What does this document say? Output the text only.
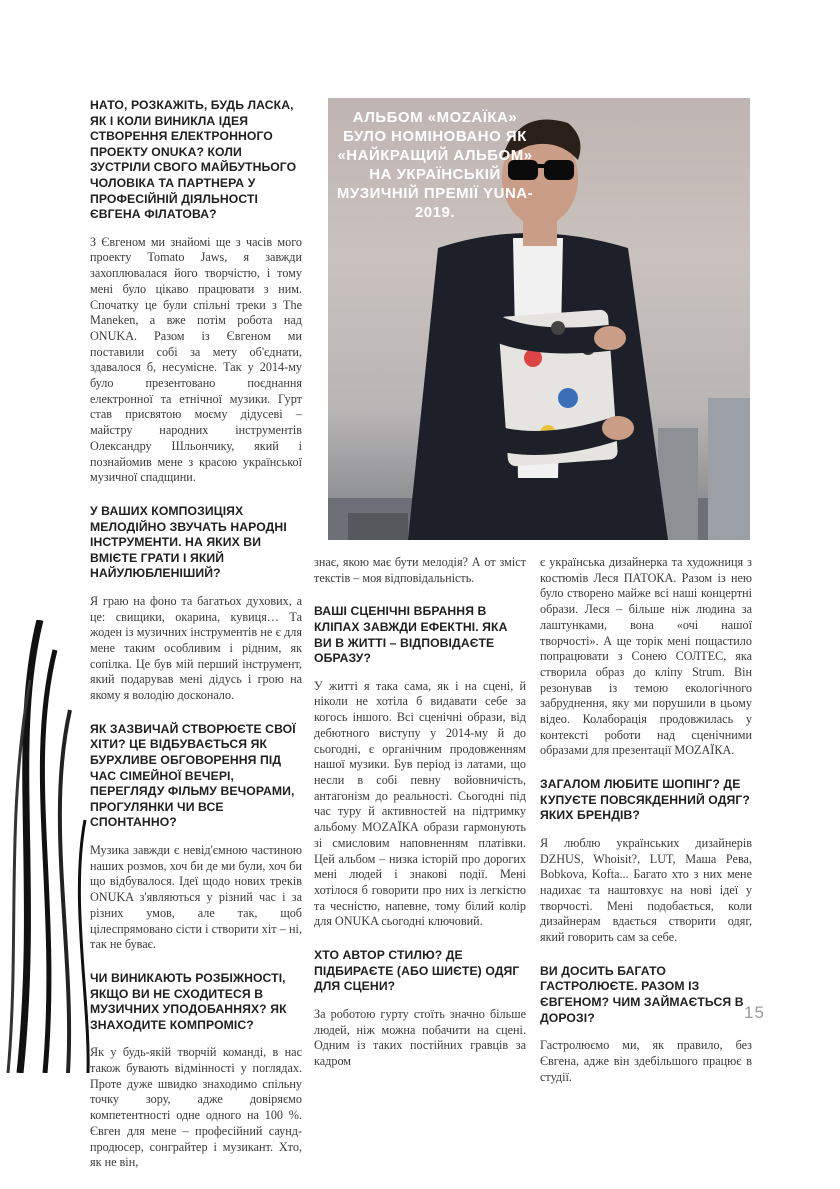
АЛЬБОМ «MOZAЇКА» БУЛО НОМІНОВАНО ЯК «НАЙКРАЩИЙ АЛЬБОМ» НА УКРАЇНСЬКІЙ МУЗИЧНІЙ ПРЕМІЇ YUNA-2019.

НАТО, РОЗКАЖІТЬ, БУДЬ ЛАСКА, ЯК І КОЛИ ВИНИКЛА ІДЕЯ СТВОРЕННЯ ЕЛЕКТРОННОГО ПРОЕКТУ ONUKA? КОЛИ ЗУСТРІЛИ СВОГО МАЙБУТНЬОГО ЧОЛОВІКА ТА ПАРТНЕРА У ПРОФЕСІЙНІЙ ДІЯЛЬНОСТІ ЄВГЕНА ФІЛАТОВА?

З Євгеном ми знайомі ще з часів мого проекту Tomato Jaws, я завжди захоплювалася його творчістю, і тому мені було цікаво працювати з ним. Спочатку це були спільні треки з The Maneken, а вже потім робота над ONUKA. Разом із Євгеном ми поставили собі за мету об'єднати, здавалося б, несумісне. Так у 2014-му було презентовано поєднання електронної та етнічної музики. Гурт став присвятою моєму дідусеві – майстру народних інструментів Олександру Шльончику, який і познайомив мене з красою української музичної спадщини.

У ВАШИХ КОМПОЗИЦІЯХ МЕЛОДІЙНО ЗВУЧАТЬ НАРОДНІ ІНСТРУМЕНТИ. НА ЯКИХ ВИ ВМІЄТЕ ГРАТИ І ЯКИЙ НАЙУЛЮБЛЕНІШИЙ?

Я граю на фоно та багатьох духових, а це: свищики, окарина, кувиця… Та жоден із музичних інструментів не є для мене таким особливим і рідним, як сопілка. Це був мій перший інструмент, який подарував мені дідусь і грою на якому я володію досконало.

ЯК ЗАЗВИЧАЙ СТВОРЮЄТЕ СВОЇ ХІТИ? ЦЕ ВІДБУВАЄТЬСЯ ЯК БУРХЛИВЕ ОБГОВОРЕННЯ ПІД ЧАС СІМЕЙНОЇ ВЕЧЕРІ, ПЕРЕГЛЯДУ ФІЛЬМУ ВЕЧОРАМИ, ПРОГУЛЯНКИ ЧИ ВСЕ СПОНТАННО?

Музика завжди є невід'ємною частиною наших розмов, хоч би де ми були, хоч би що відбувалося. Ідеї щодо нових треків ONUKA з'являються у різний час і за різних умов, але так, щоб цілеспрямовано сісти і створити хіт – ні, так не буває.

ЧИ ВИНИКАЮТЬ РОЗБІЖНОСТІ, ЯКЩО ВИ НЕ СХОДИТЕСЯ В МУЗИЧНИХ УПОДОБАННЯХ? ЯК ЗНАХОДИТЕ КОМПРОМІС?

Як у будь-якій творчій команді, в нас також бувають відмінності у поглядах. Проте дуже швидко знаходимо спільну точку зору, адже довіряємо компетентності одне одного на 100 %. Євген для мене – професійний саунд-продюсер, сонграйтер і музикант. Хто, як не він,

знає, якою має бути мелодія? А от зміст текстів – моя відповідальність.

ВАШІ СЦЕНІЧНІ ВБРАННЯ В КЛІПАХ ЗАВЖДИ ЕФЕКТНІ. ЯКА ВИ В ЖИТТІ – ВІДПОВІДАЄТЕ ОБРАЗУ?

У житті я така сама, як і на сцені, й ніколи не хотіла б видавати себе за когось іншого. Всі сценічні образи, від дебютного виступу у 2014-му й до сьогодні, є органічним продовженням нашої музики. Був період із латами, що несли в собі певну войовничість, антагонізм до реальності. Сьогодні під час туру й активностей на підтримку альбому MOZAЇКА образи гармонують зі смисловим наповненням платівки. Цей альбом – низка історій про дорогих мені людей і знакові події. Мені хотілося б говорити про них із легкістю та чесністю, напевне, тому білий колір для ONUKA сьогодні ключовий.

ХТО АВТОР СТИЛЮ? ДЕ ПІДБИРАЄТЕ (АБО ШИЄТЕ) ОДЯГ ДЛЯ СЦЕНИ?

За роботою гурту стоїть значно більше людей, ніж можна побачити на сцені. Одним із таких постійних гравців за кадром

є українська дизайнерка та художниця з костюмів Леся ПАТОКА. Разом із нею було створено майже всі наші концертні образи. Леся – більше ніж людина за лаштунками, вона «очі нашої творчості». А ще торік мені пощастило попрацювати з Сонею СОЛТЕС, яка створила образ до кліпу Strum. Він резонував із темою екологічного забруднення, яку ми порушили в цьому відео. Колаборація продовжилась у контексті роботи над сценічними образами для презентації MOZAЇКА.

ЗАГАЛОМ ЛЮБИТЕ ШОПІНГ? ДЕ КУПУЄТЕ ПОВСЯКДЕННИЙ ОДЯГ? ЯКИХ БРЕНДІВ?

Я люблю українських дизайнерів DZHUS, Whoisit?, LUT, Маша Рева, Bobkova, Kofta... Багато хто з них мене надихає та наштовхує на нові ідеї у творчості. Мені подобається, коли дизайнерам вдається створити одяг, який говорить сам за себе.

ВИ ДОСИТЬ БАГАТО ГАСТРОЛЮЄТЕ. РАЗОМ ІЗ ЄВГЕНОМ? ЧИМ ЗАЙМАЄТЬСЯ В ДОРОЗІ?

Гастролюємо ми, як правило, без Євгена, адже він здебільшого працює в студії.

15
